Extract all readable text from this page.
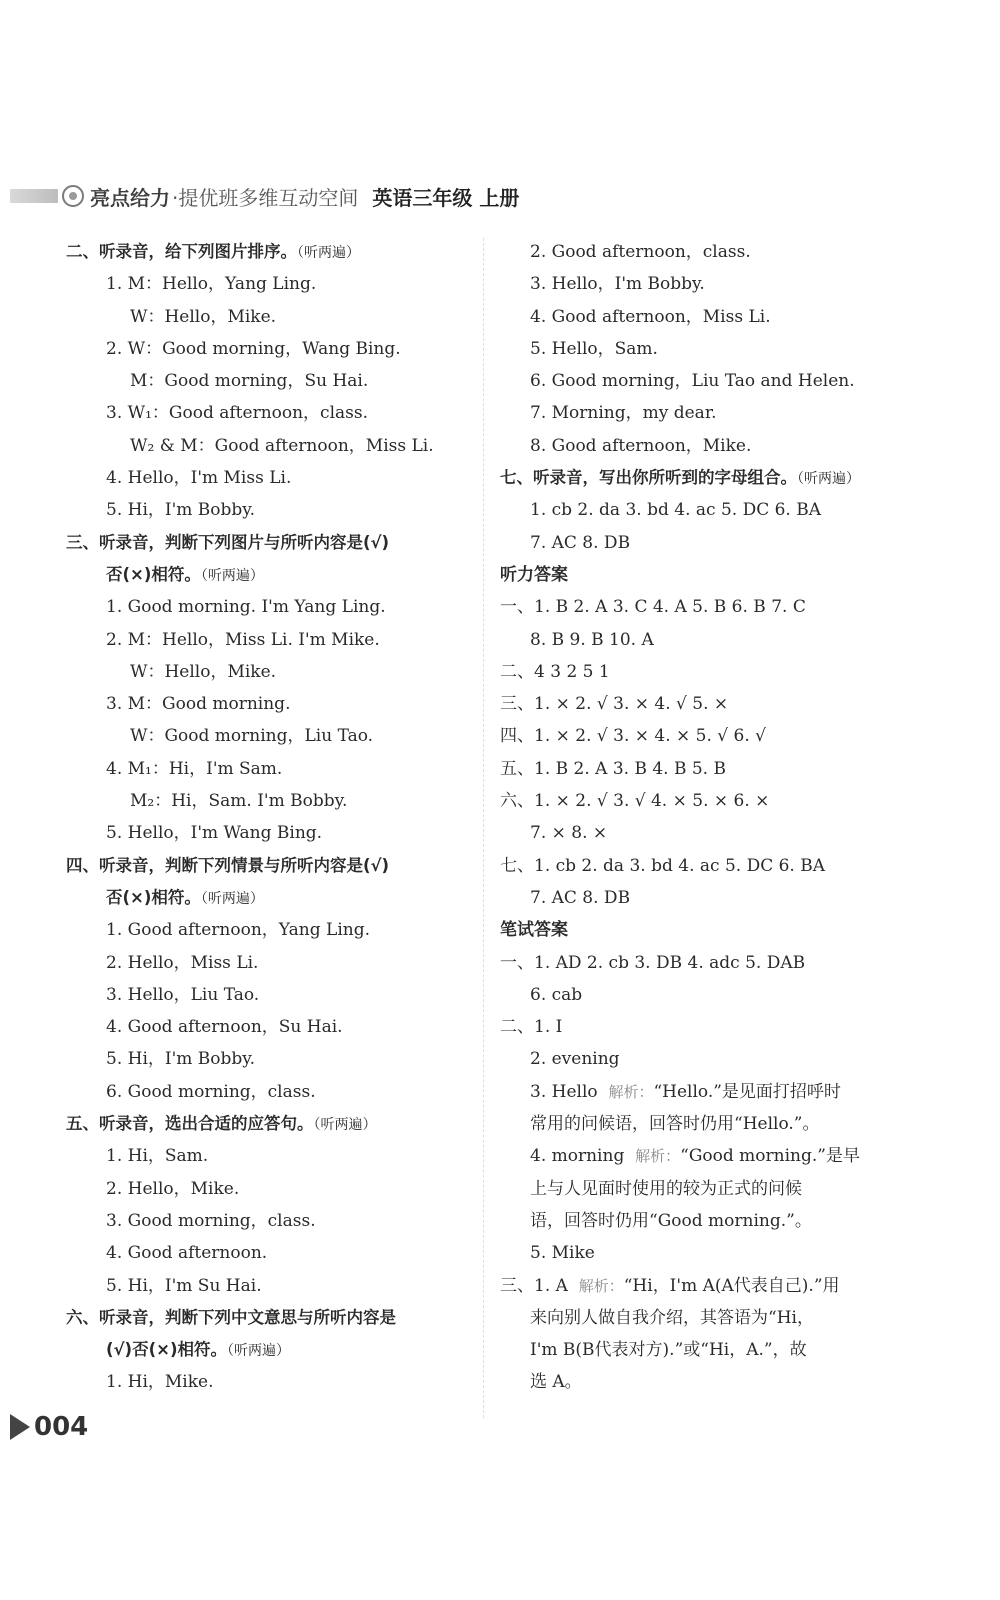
亮点给力 ·提优班多维互动空间 英语三年级 上册
二、听录音，给下列图片排序。（听两遍）
1. M：Hello，Yang Ling.
W：Hello，Mike.
2. W：Good morning，Wang Bing.
M：Good morning，Su Hai.
3. W₁：Good afternoon，class.
W₂ & M：Good afternoon，Miss Li.
4. Hello，I'm Miss Li.
5. Hi，I'm Bobby.
三、听录音，判断下列图片与所听内容是(√)
否(×)相符。（听两遍）
1. Good morning. I'm Yang Ling.
2. M：Hello，Miss Li. I'm Mike.
W：Hello，Mike.
3. M：Good morning.
W：Good morning，Liu Tao.
4. M₁：Hi，I'm Sam.
M₂：Hi，Sam. I'm Bobby.
5. Hello，I'm Wang Bing.
四、听录音，判断下列情景与所听内容是(√)
否(×)相符。（听两遍）
1. Good afternoon，Yang Ling.
2. Hello，Miss Li.
3. Hello，Liu Tao.
4. Good afternoon，Su Hai.
5. Hi，I'm Bobby.
6. Good morning，class.
五、听录音，选出合适的应答句。（听两遍）
1. Hi，Sam.
2. Hello，Mike.
3. Good morning，class.
4. Good afternoon.
5. Hi，I'm Su Hai.
六、听录音，判断下列中文意思与所听内容是
(√)否(×)相符。（听两遍）
1. Hi，Mike.
2. Good afternoon，class.
3. Hello，I'm Bobby.
4. Good afternoon，Miss Li.
5. Hello，Sam.
6. Good morning，Liu Tao and Helen.
7. Morning，my dear.
8. Good afternoon，Mike.
七、听录音，写出你所听到的字母组合。（听两遍）
1. cb 2. da 3. bd 4. ac 5. DC 6. BA
7. AC 8. DB
听力答案
一、1. B 2. A 3. C 4. A 5. B 6. B 7. C
8. B 9. B 10. A
二、4 3 2 5 1
三、1. × 2. √ 3. × 4. √ 5. ×
四、1. × 2. √ 3. × 4. × 5. √ 6. √
五、1. B 2. A 3. B 4. B 5. B
六、1. × 2. √ 3. √ 4. × 5. × 6. ×
7. × 8. ×
七、1. cb 2. da 3. bd 4. ac 5. DC 6. BA
7. AC 8. DB
笔试答案
一、1. AD 2. cb 3. DB 4. adc 5. DAB
6. cab
二、1. I
2. evening
3. Hello 解析：“Hello.”是见面打招呼时
常用的问候语，回答时仍用“Hello.”。
4. morning 解析：“Good morning.”是早
上与人见面时使用的较为正式的问候
语，回答时仍用“Good morning.”。
5. Mike
三、1. A 解析：“Hi，I'm A(A代表自己).”用
来向别人做自我介绍，其答语为“Hi，
I'm B(B代表对方).”或“Hi，A.”，故
选 A。
004
